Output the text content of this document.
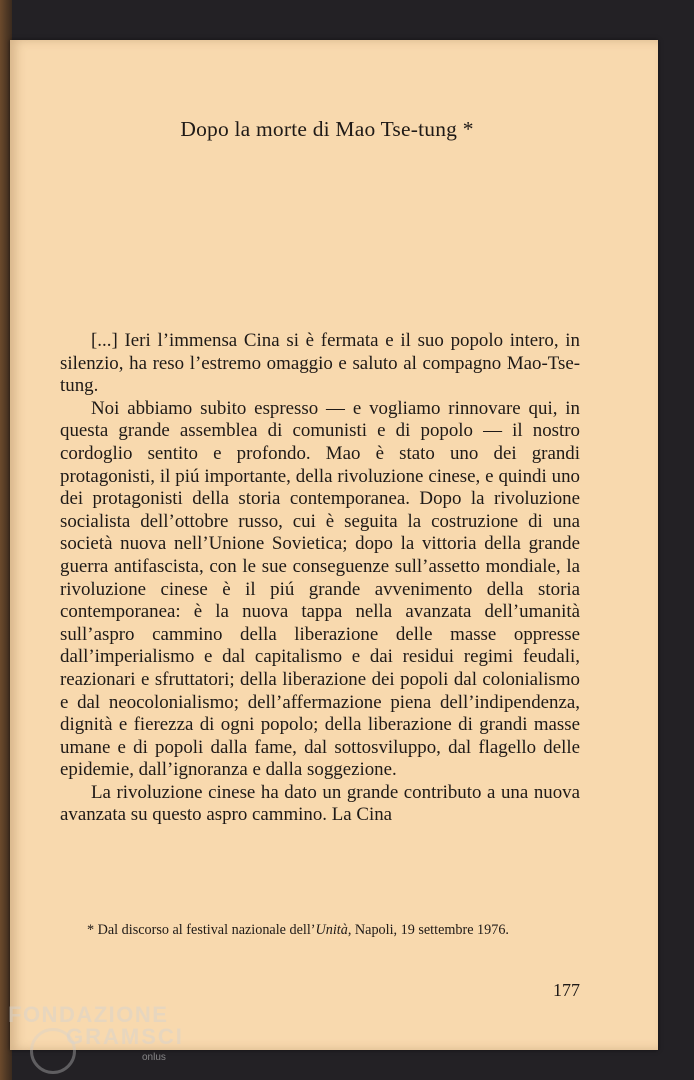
Dopo la morte di Mao Tse-tung *

[...] Ieri l’immensa Cina si è fermata e il suo popolo intero, in silenzio, ha reso l’estremo omaggio e saluto al compagno Mao-Tse-tung.

Noi abbiamo subito espresso — e vogliamo rinnovare qui, in questa grande assemblea di comunisti e di popolo — il nostro cordoglio sentito e profondo. Mao è stato uno dei grandi protagonisti, il piú importante, della rivoluzione cinese, e quindi uno dei protagonisti della storia contemporanea. Dopo la rivoluzione socialista dell’ottobre russo, cui è seguita la costruzione di una società nuova nell’Unione Sovietica; dopo la vittoria della grande guerra antifascista, con le sue conseguenze sull’assetto mondiale, la rivoluzione cinese è il piú grande avvenimento della storia contemporanea: è la nuova tappa nella avanzata dell’umanità sull’aspro cammino della liberazione delle masse oppresse dall’imperialismo e dal capitalismo e dai residui regimi feudali, reazionari e sfruttatori; della liberazione dei popoli dal colonialismo e dal neocolonialismo; dell’affermazione piena dell’indipendenza, dignità e fierezza di ogni popolo; della liberazione di grandi masse umane e di popoli dalla fame, dal sottosviluppo, dal flagello delle epidemie, dall’ignoranza e dalla soggezione.

La rivoluzione cinese ha dato un grande contributo a una nuova avanzata su questo aspro cammino. La Cina

* Dal discorso al festival nazionale dell’Unità, Napoli, 19 settembre 1976.
177
FONDAZIONE
GRAMSCI
onlus
